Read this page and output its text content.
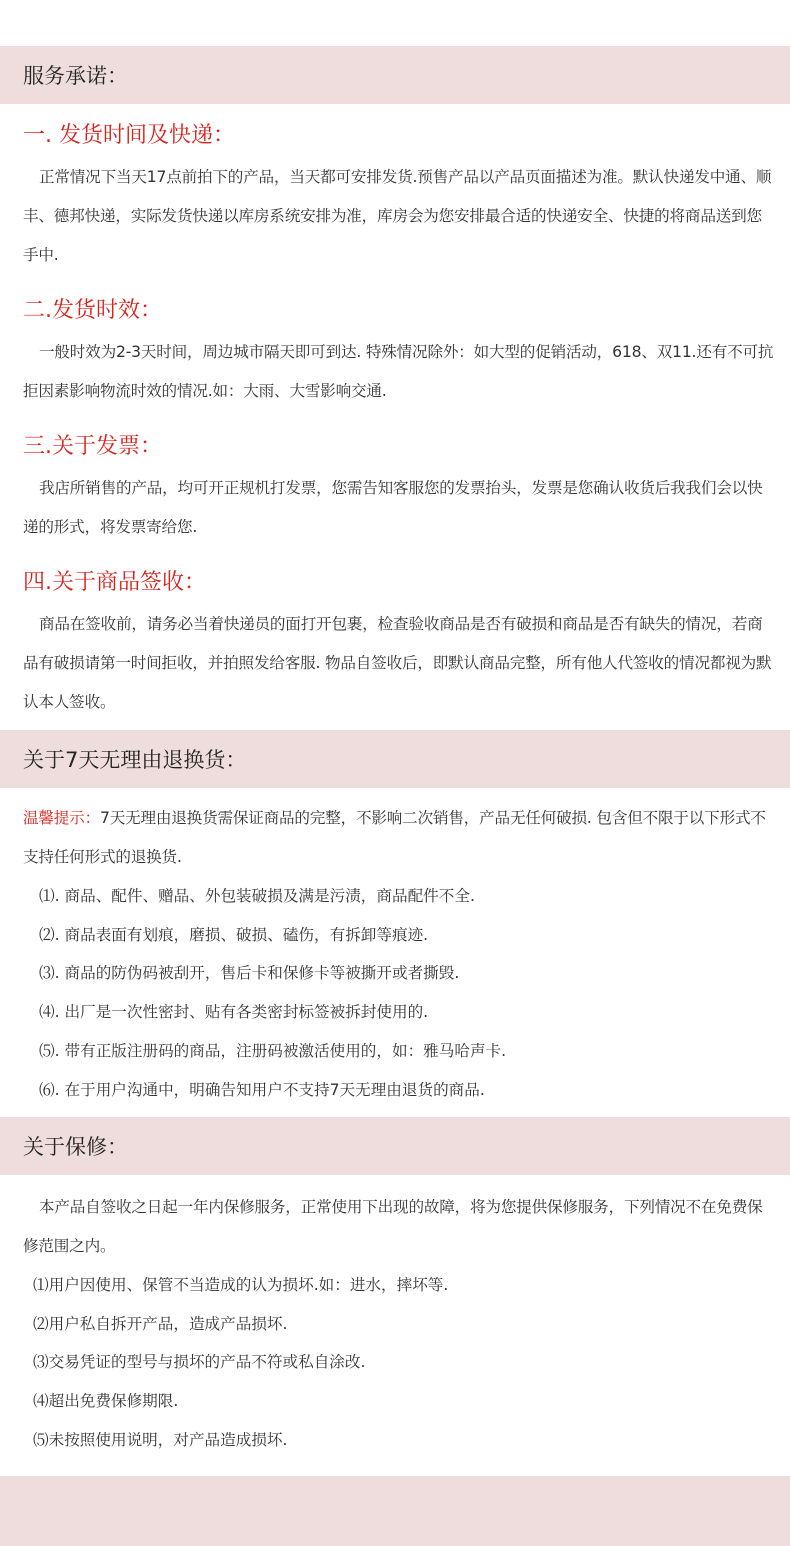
服务承诺：
一. 发货时间及快递：

正常情况下当天17点前拍下的产品，当天都可安排发货.预售产品以产品页面描述为准。默认快递发中通、顺丰、德邦快递，实际发货快递以库房系统安排为准，库房会为您安排最合适的快递安全、快捷的将商品送到您手中.

二.发货时效：

一般时效为2-3天时间，周边城市隔天即可到达. 特殊情况除外：如大型的促销活动，618、双11.还有不可抗拒因素影响物流时效的情况.如：大雨、大雪影响交通.

三.关于发票：

我店所销售的产品，均可开正规机打发票，您需告知客服您的发票抬头，发票是您确认收货后我我们会以快递的形式，将发票寄给您.

四.关于商品签收：

商品在签收前，请务必当着快递员的面打开包裹，检查验收商品是否有破损和商品是否有缺失的情况，若商品有破损请第一时间拒收，并拍照发给客服. 物品自签收后，即默认商品完整，所有他人代签收的情况都视为默认本人签收。

关于7天无理由退换货：

温馨提示：7天无理由退换货需保证商品的完整，不影响二次销售，产品无任何破损. 包含但不限于以下形式不支持任何形式的退换货.

⑴. 商品、配件、赠品、外包装破损及满是污渍，商品配件不全.
⑵. 商品表面有划痕，磨损、破损、磕伤，有拆卸等痕迹.
⑶. 商品的防伪码被刮开，售后卡和保修卡等被撕开或者撕毁.
⑷. 出厂是一次性密封、贴有各类密封标签被拆封使用的.
⑸. 带有正版注册码的商品，注册码被激活使用的，如：雅马哈声卡.
⑹. 在于用户沟通中，明确告知用户不支持7天无理由退货的商品.
关于保修：

本产品自签收之日起一年内保修服务，正常使用下出现的故障，将为您提供保修服务，下列情况不在免费保修范围之内。

⑴用户因使用、保管不当造成的认为损坏.如：进水，摔坏等.
⑵用户私自拆开产品，造成产品损坏.
⑶交易凭证的型号与损坏的产品不符或私自涂改.
⑷超出免费保修期限.
⑸未按照使用说明，对产品造成损坏.
